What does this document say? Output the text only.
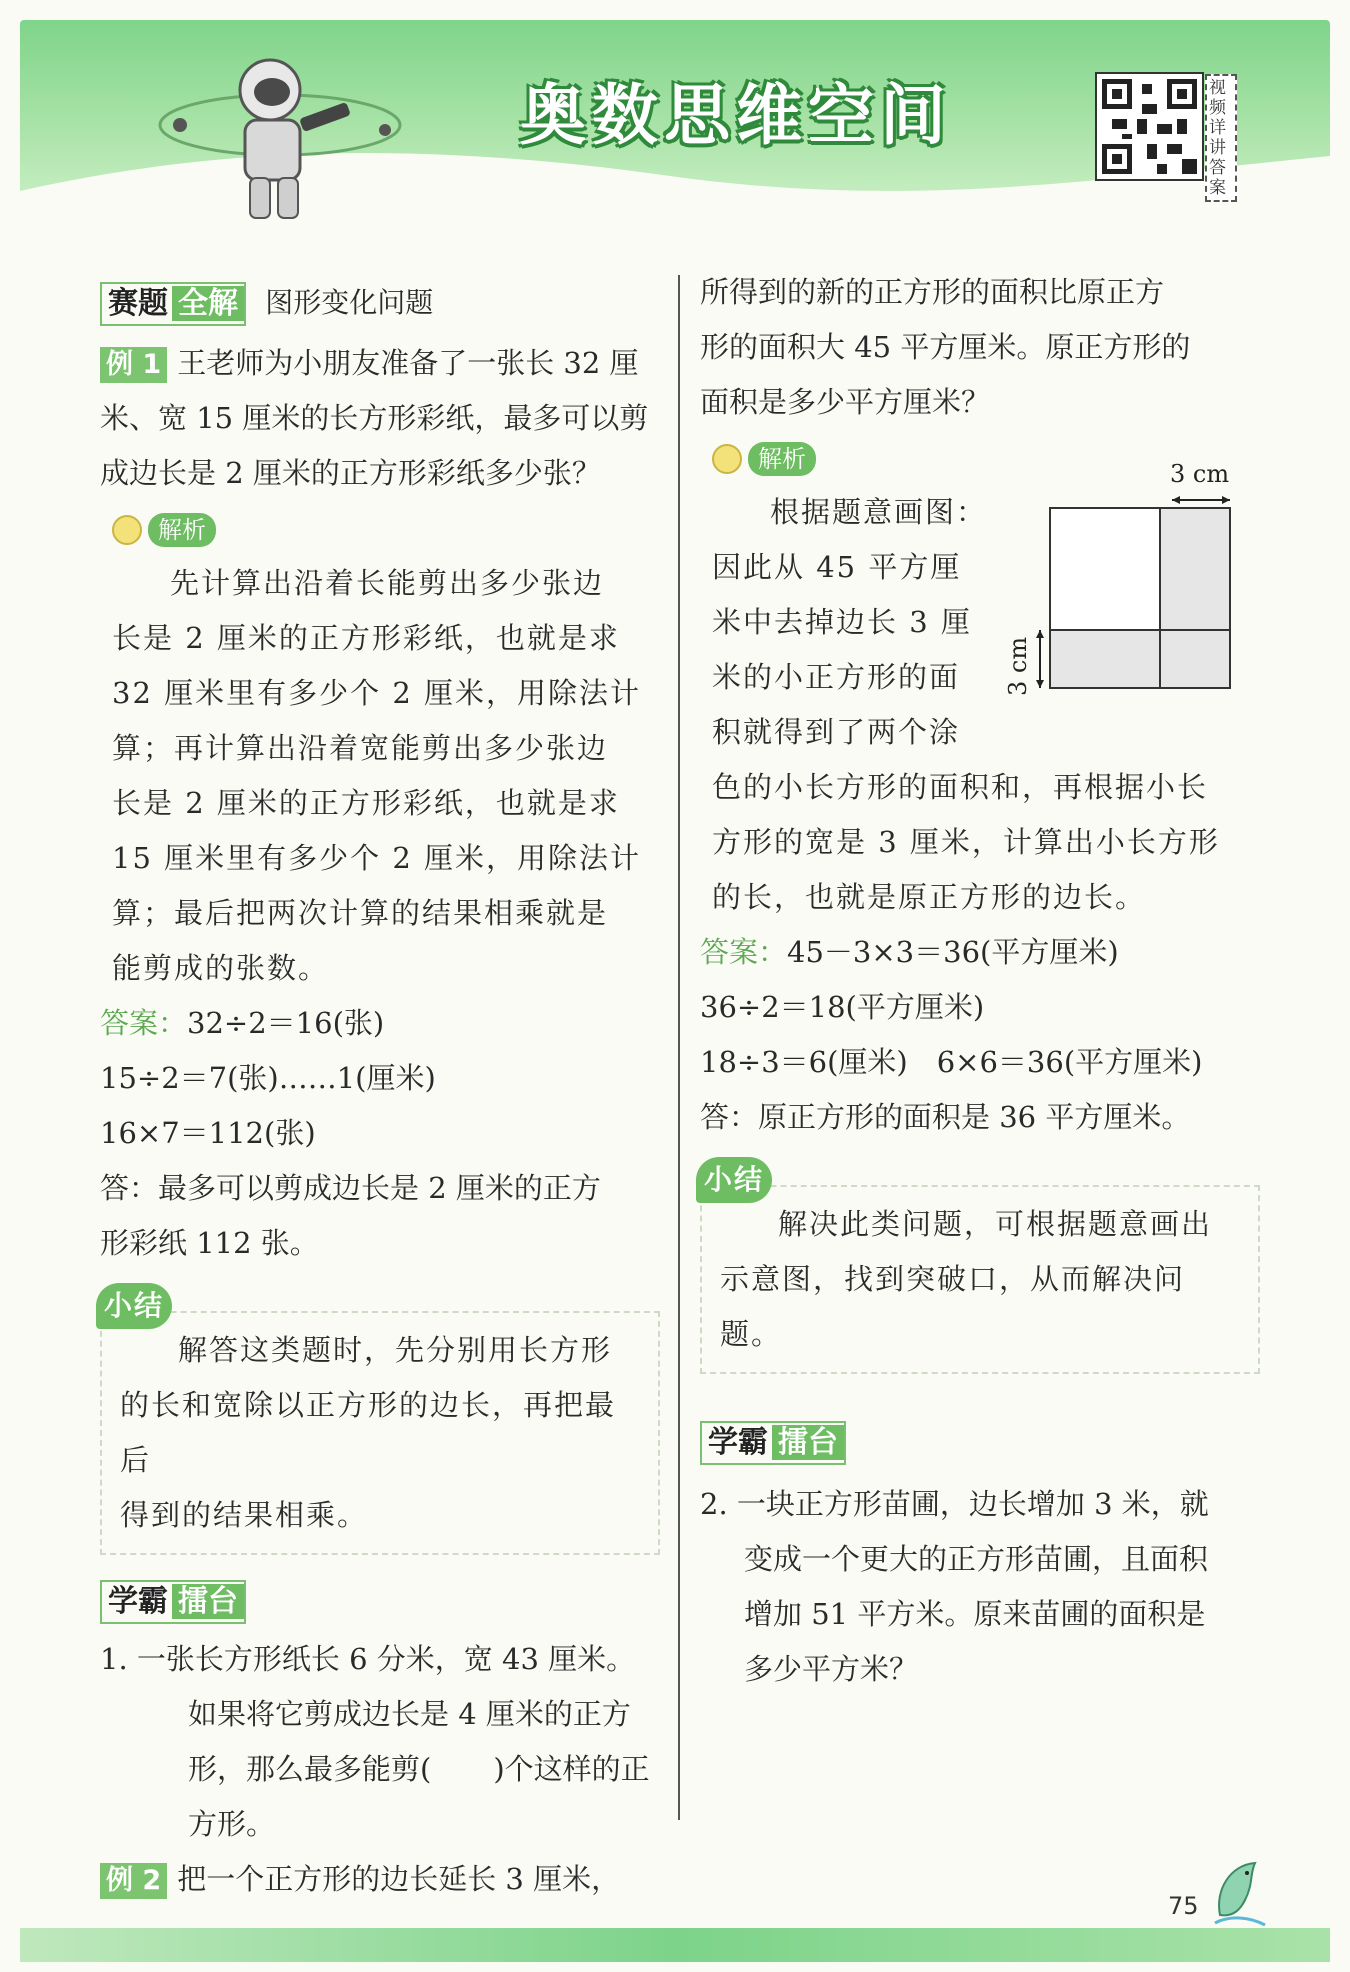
奥数思维空间	视频详讲答案

赛题 全解 图形变化问题

例 1 王老师为小朋友准备了一张长 32 厘

米、宽 15 厘米的长方形彩纸，最多可以剪

成边长是 2 厘米的正方形彩纸多少张？

解析

先计算出沿着长能剪出多少张边

长是 2 厘米的正方形彩纸，也就是求

32 厘米里有多少个 2 厘米，用除法计

算；再计算出沿着宽能剪出多少张边

长是 2 厘米的正方形彩纸，也就是求

15 厘米里有多少个 2 厘米，用除法计

算；最后把两次计算的结果相乘就是

能剪成的张数。

答案：32÷2＝16(张)

15÷2＝7(张)……1(厘米)

16×7＝112(张)

答：最多可以剪成边长是 2 厘米的正方

形彩纸 112 张。

小结

解答这类题时，先分别用长方形

的长和宽除以正方形的边长，再把最后

得到的结果相乘。

学霸 擂台

1. 一张长方形纸长 6 分米，宽 43 厘米。

如果将它剪成边长是 4 厘米的正方

形，那么最多能剪( )个这样的正

方形。

例 2 把一个正方形的边长延长 3 厘米，

所得到的新的正方形的面积比原正方

形的面积大 45 平方厘米。原正方形的

面积是多少平方厘米？

解析

根据题意画图：

因此从 45 平方厘

米中去掉边长 3 厘

米的小正方形的面

积就得到了两个涂

色的小长方形的面积和，再根据小长

方形的宽是 3 厘米，计算出小长方形

的长，也就是原正方形的边长。

答案：45－3×3＝36(平方厘米)

36÷2＝18(平方厘米)

18÷3＝6(厘米)　6×6＝36(平方厘米)

答：原正方形的面积是 36 平方厘米。

小结

解决此类问题，可根据题意画出

示意图，找到突破口，从而解决问题。

学霸 擂台

2. 一块正方形苗圃，边长增加 3 米，就

变成一个更大的正方形苗圃，且面积

增加 51 平方米。原来苗圃的面积是

多少平方米？

3 cm
3 cm
75
